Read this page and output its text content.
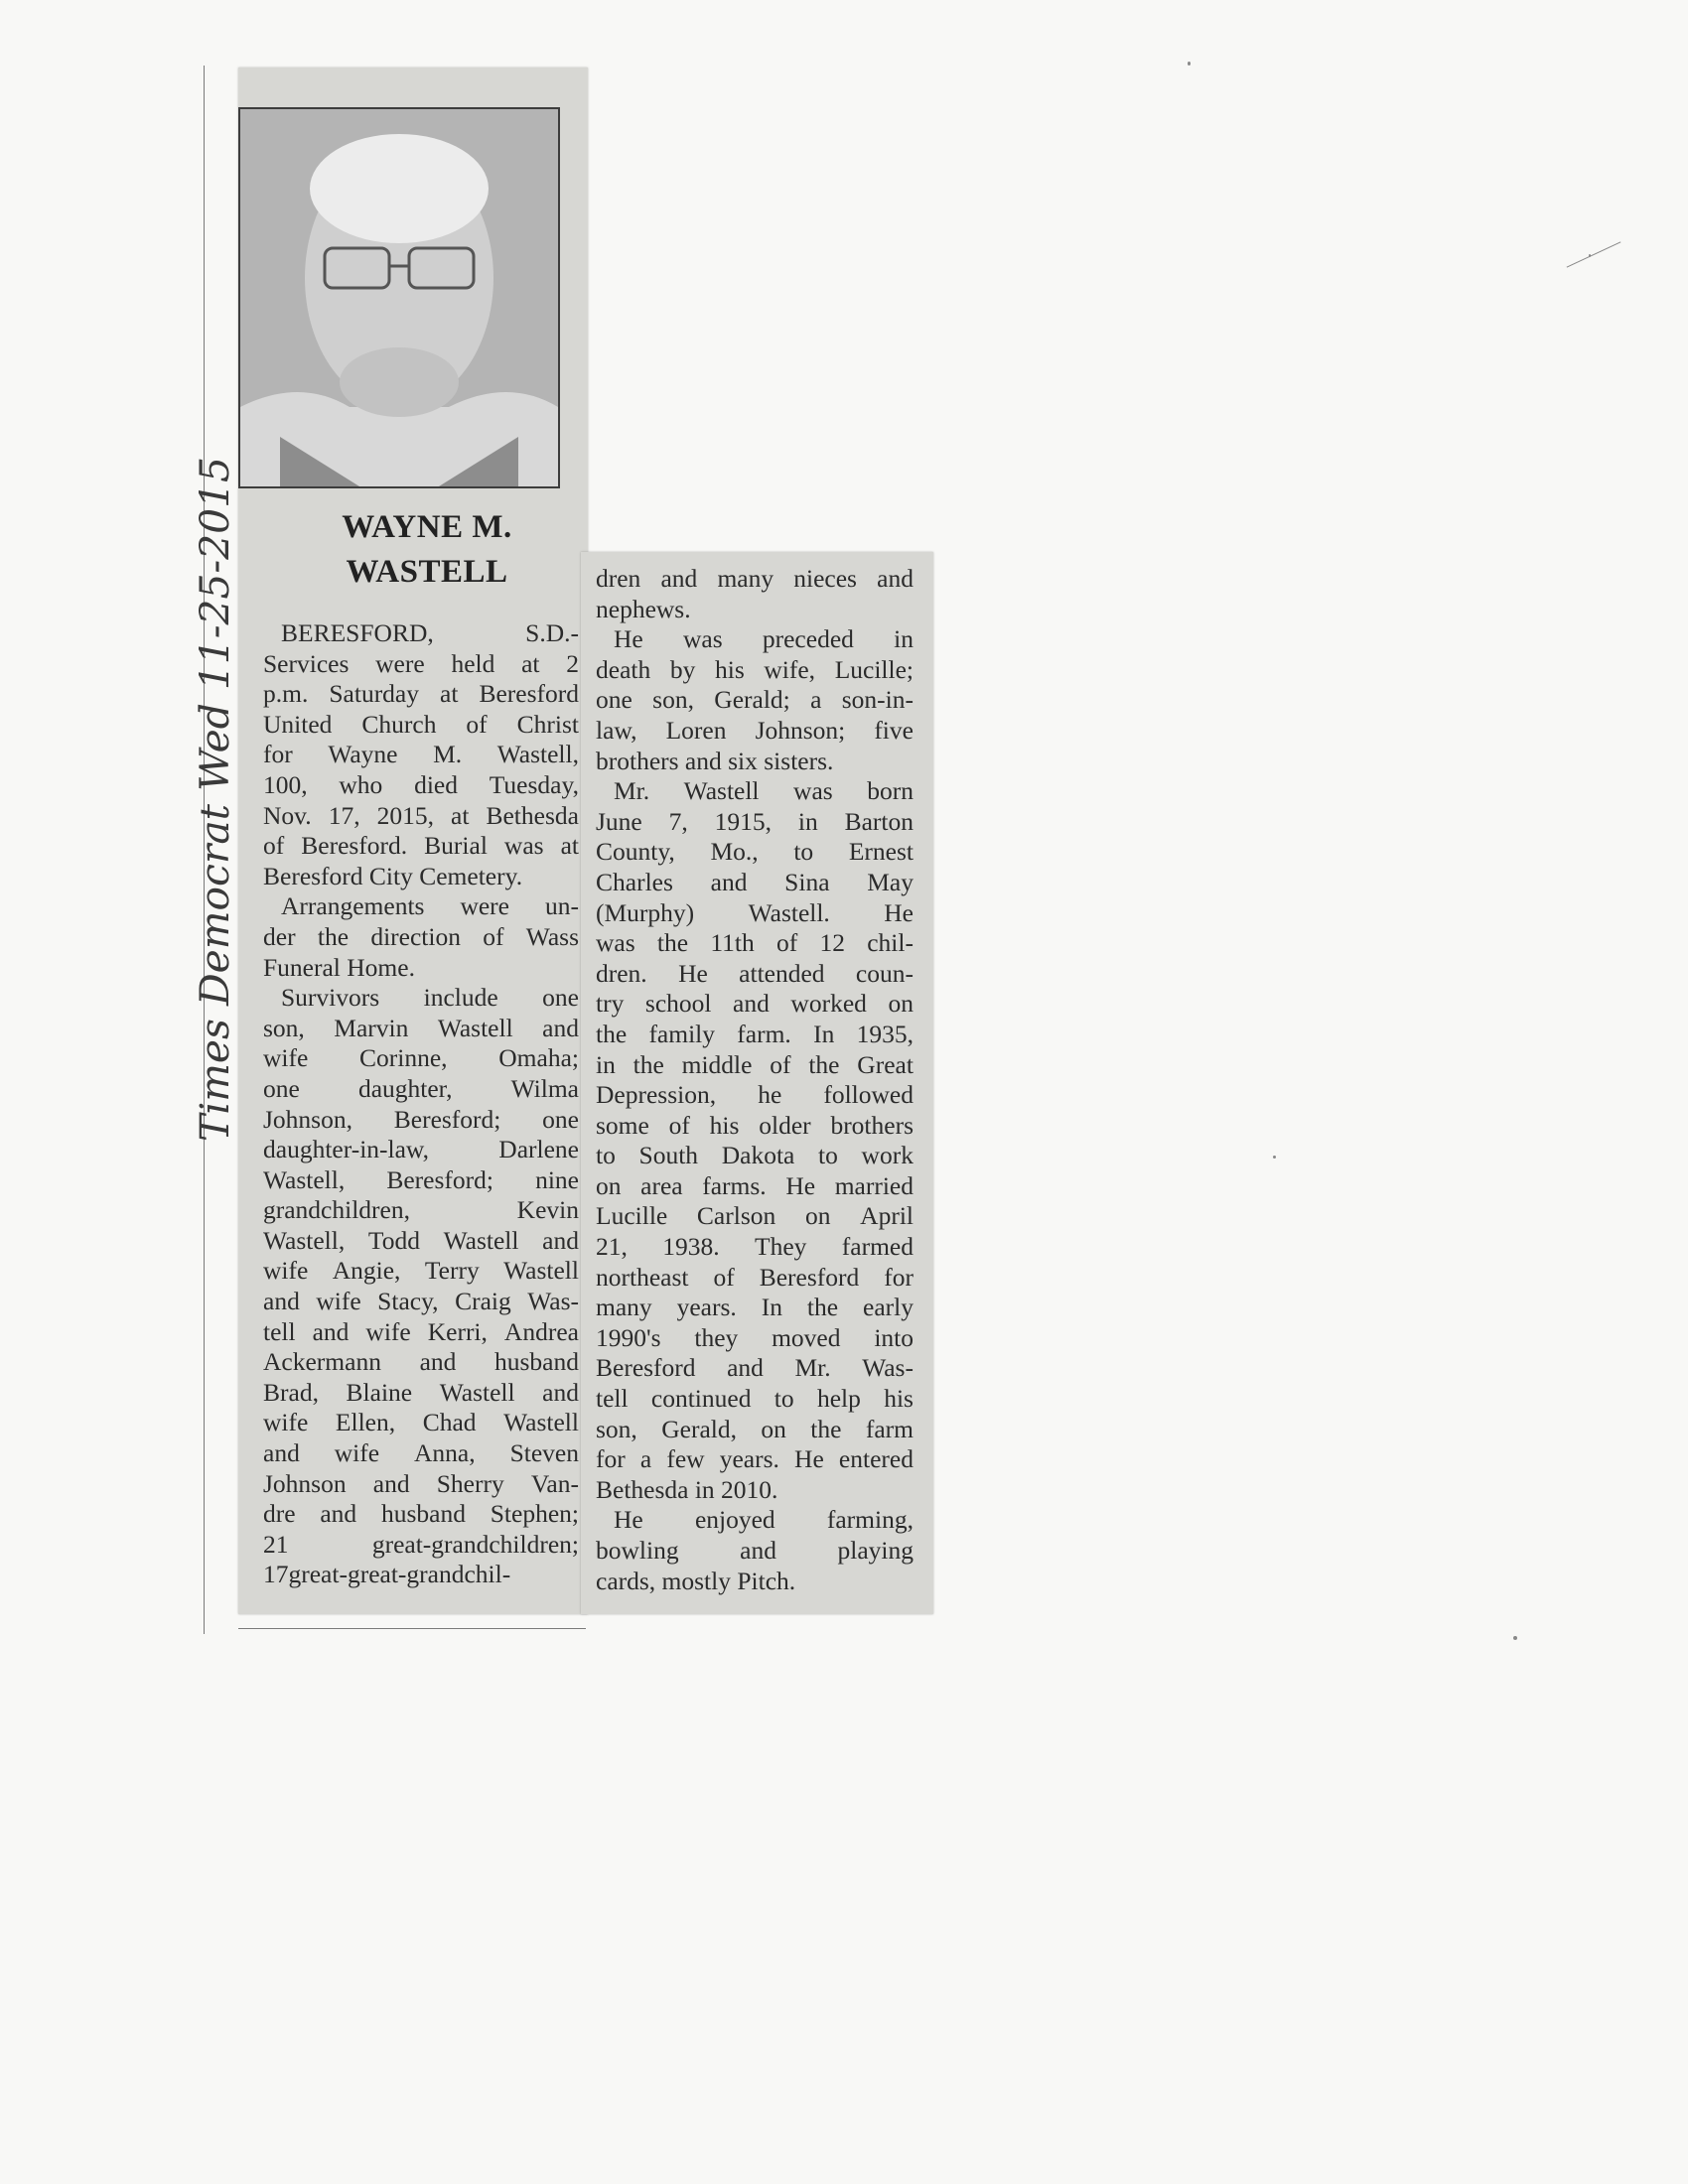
WAYNE M.
WASTELL
BERESFORD,	S.D.-
Services were held at 2
p.m. Saturday at Beresford
United Church of Christ
for Wayne M. Wastell,
100, who died Tuesday,
Nov. 17, 2015, at Bethesda
of Beresford. Burial was at
Beresford City Cemetery.
Arrangements were un-
der the direction of Wass
Funeral Home.
Survivors include one
son, Marvin Wastell and
wife Corinne, Omaha;
one daughter, Wilma
Johnson, Beresford; one
daughter-in-law,	Darlene
Wastell, Beresford; nine
grandchildren,	Kevin
Wastell, Todd Wastell and
wife Angie, Terry Wastell
and wife Stacy, Craig Was-
tell and wife Kerri, Andrea
Ackermann and husband
Brad, Blaine Wastell and
wife Ellen, Chad Wastell
and wife Anna, Steven
Johnson and Sherry Van-
dre and husband Stephen;
21	great-grandchildren;
17great-great-grandchil-
dren and many nieces and
nephews.
He was preceded in
death by his wife, Lucille;
one son, Gerald; a son-in-
law, Loren Johnson; five
brothers and six sisters.
Mr. Wastell was born
June 7, 1915, in Barton
County, Mo., to Ernest
Charles and Sina May
(Murphy) Wastell. He
was the 11th of 12 chil-
dren. He attended coun-
try school and worked on
the family farm. In 1935,
in the middle of the Great
Depression, he followed
some of his older brothers
to South Dakota to work
on area farms. He married
Lucille Carlson on April
21, 1938. They farmed
northeast of Beresford for
many years. In the early
1990's they moved into
Beresford and Mr. Was-
tell continued to help his
son, Gerald, on the farm
for a few years. He entered
Bethesda in 2010.
He enjoyed farming,
bowling and playing
cards, mostly Pitch.
Times Democrat Wed 11-25-2015
